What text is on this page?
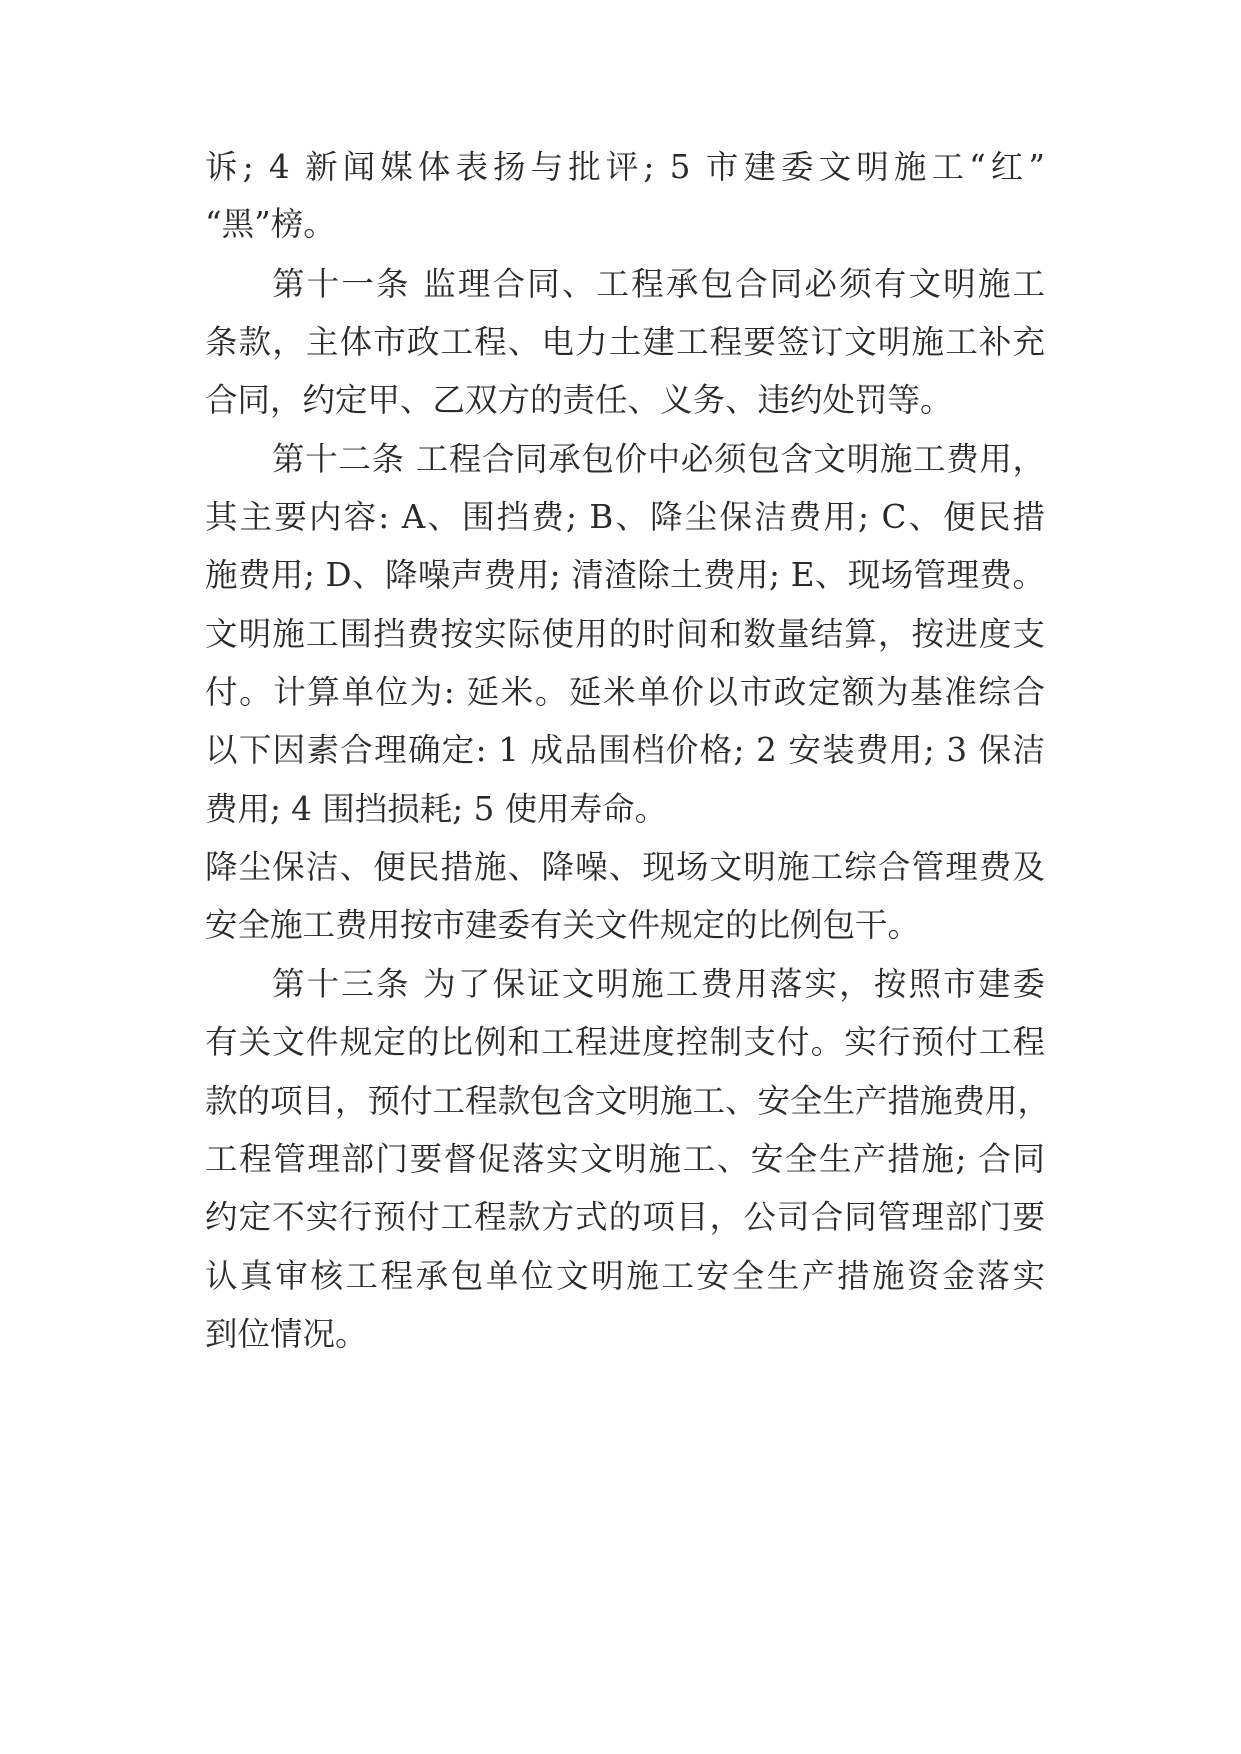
诉; 4 新闻媒体表扬与批评; 5 市建委文明施工“红”
“黑”榜。
第十一条 监理合同、工程承包合同必须有文明施工
条款，主体市政工程、电力土建工程要签订文明施工补充
合同，约定甲、乙双方的责任、义务、违约处罚等。
第十二条 工程合同承包价中必须包含文明施工费用，
其主要内容: A、围挡费; B、降尘保洁费用; C、便民措
施费用; D、降噪声费用; 清渣除土费用; E、现场管理费。
文明施工围挡费按实际使用的时间和数量结算，按进度支
付。计算单位为: 延米。延米单价以市政定额为基准综合
以下因素合理确定: 1 成品围档价格; 2 安装费用; 3 保洁
费用; 4 围挡损耗; 5 使用寿命。
降尘保洁、便民措施、降噪、现场文明施工综合管理费及
安全施工费用按市建委有关文件规定的比例包干。
第十三条 为了保证文明施工费用落实，按照市建委
有关文件规定的比例和工程进度控制支付。实行预付工程
款的项目，预付工程款包含文明施工、安全生产措施费用，
工程管理部门要督促落实文明施工、安全生产措施; 合同
约定不实行预付工程款方式的项目，公司合同管理部门要
认真审核工程承包单位文明施工安全生产措施资金落实
到位情况。
